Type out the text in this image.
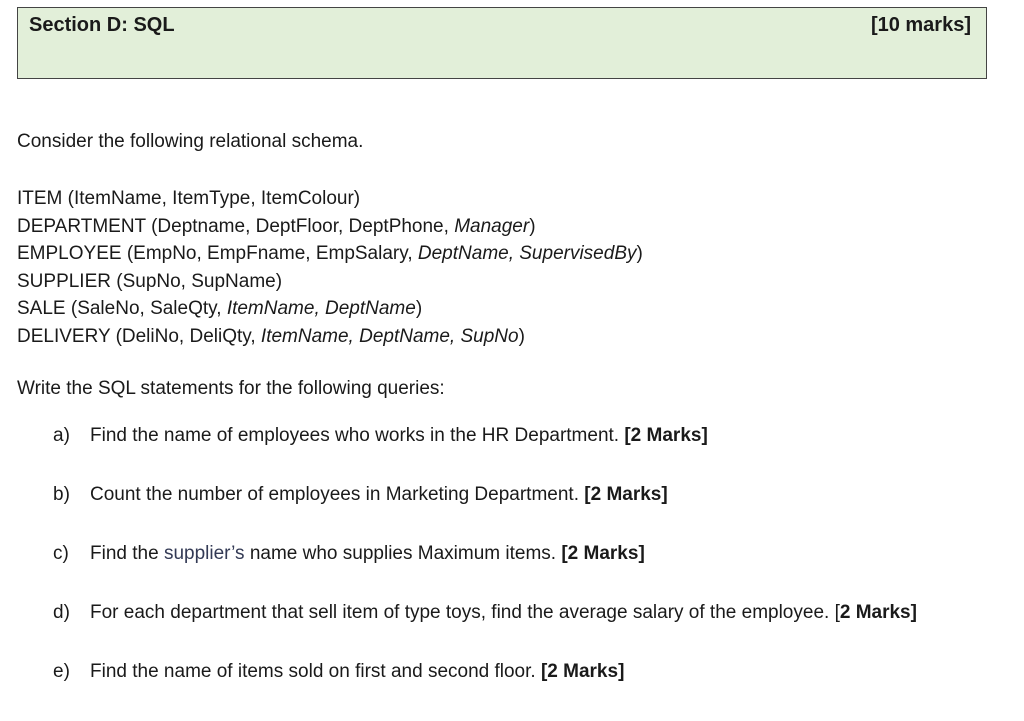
Section D: SQL	[10 marks]
Consider the following relational schema.
ITEM (ItemName, ItemType, ItemColour)
DEPARTMENT (Deptname, DeptFloor, DeptPhone, Manager)
EMPLOYEE (EmpNo, EmpFname, EmpSalary, DeptName, SupervisedBy)
SUPPLIER (SupNo, SupName)
SALE (SaleNo, SaleQty, ItemName, DeptName)
DELIVERY (DeliNo, DeliQty, ItemName, DeptName, SupNo)
Write the SQL statements for the following queries:
a) Find the name of employees who works in the HR Department. [2 Marks]
b) Count the number of employees in Marketing Department. [2 Marks]
c) Find the supplier’s name who supplies Maximum items. [2 Marks]
d) For each department that sell item of type toys, find the average salary of the employee. [2 Marks]
e) Find the name of items sold on first and second floor. [2 Marks]
